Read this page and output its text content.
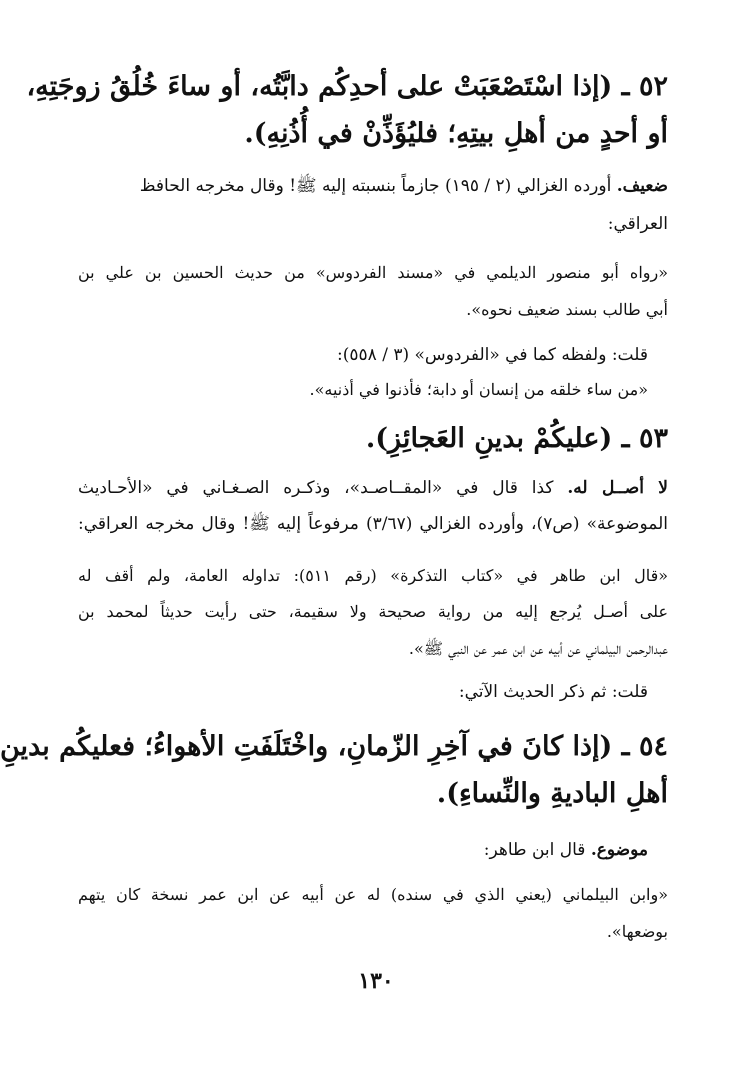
٥٢ ـ (إذا اسْتَصْعَبَتْ على أحدِكُم دابَّتُه، أو ساءَ خُلُقُ زوجَتِهِ،
أو أحدٍ من أهلِ بيتِهِ؛ فليُؤَذِّنْ في أُذُنِهِ).
ضعيف. أورده الغزالي (٢ / ١٩٥) جازماً بنسبته إليه ﷺ! وقال مخرجه الحافظ
العراقي:
«رواه أبو منصور الديلمي في «مسند الفردوس» من حديث الحسين بن علي بن
أبي طالب بسند ضعيف نحوه».
قلت: ولفظه كما في «الفردوس» (٣ / ٥٥٨):
«من ساء خلقه من إنسان أو دابة؛ فأذنوا في أذنيه».
٥٣ ـ (عليكُمْ بدينِ العَجائِزِ).
لا أصــل له. كذا قال في «المقــاصـد»، وذكـره الصـغـاني في «الأحـاديث
الموضوعة» (ص٧)، وأورده الغزالي (٣/٦٧) مرفوعاً إليه ﷺ! وقال مخرجه العراقي:
«قال ابن طاهر في «كتاب التذكرة» (رقم ٥١١): تداوله العامة، ولم أقف له
على أصـل يُرجع إليه من رواية صحيحة ولا سقيمة، حتى رأيت حديثاً لمحمد بن
عبدالرحمن البيلماني عن أبيه عن ابن عمر عن النبي ﷺ».
قلت: ثم ذكر الحديث الآتي:
٥٤ ـ (إذا كانَ في آخِرِ الزّمانِ، واخْتَلَفَتِ الأهواءُ؛ فعليكُم بدينِ
أهلِ الباديةِ والنِّساءِ).
موضوع. قال ابن طاهر:
«وابن البيلماني (يعني الذي في سنده) له عن أبيه عن ابن عمر نسخة كان يتهم
بوضعها».
١٣٠
